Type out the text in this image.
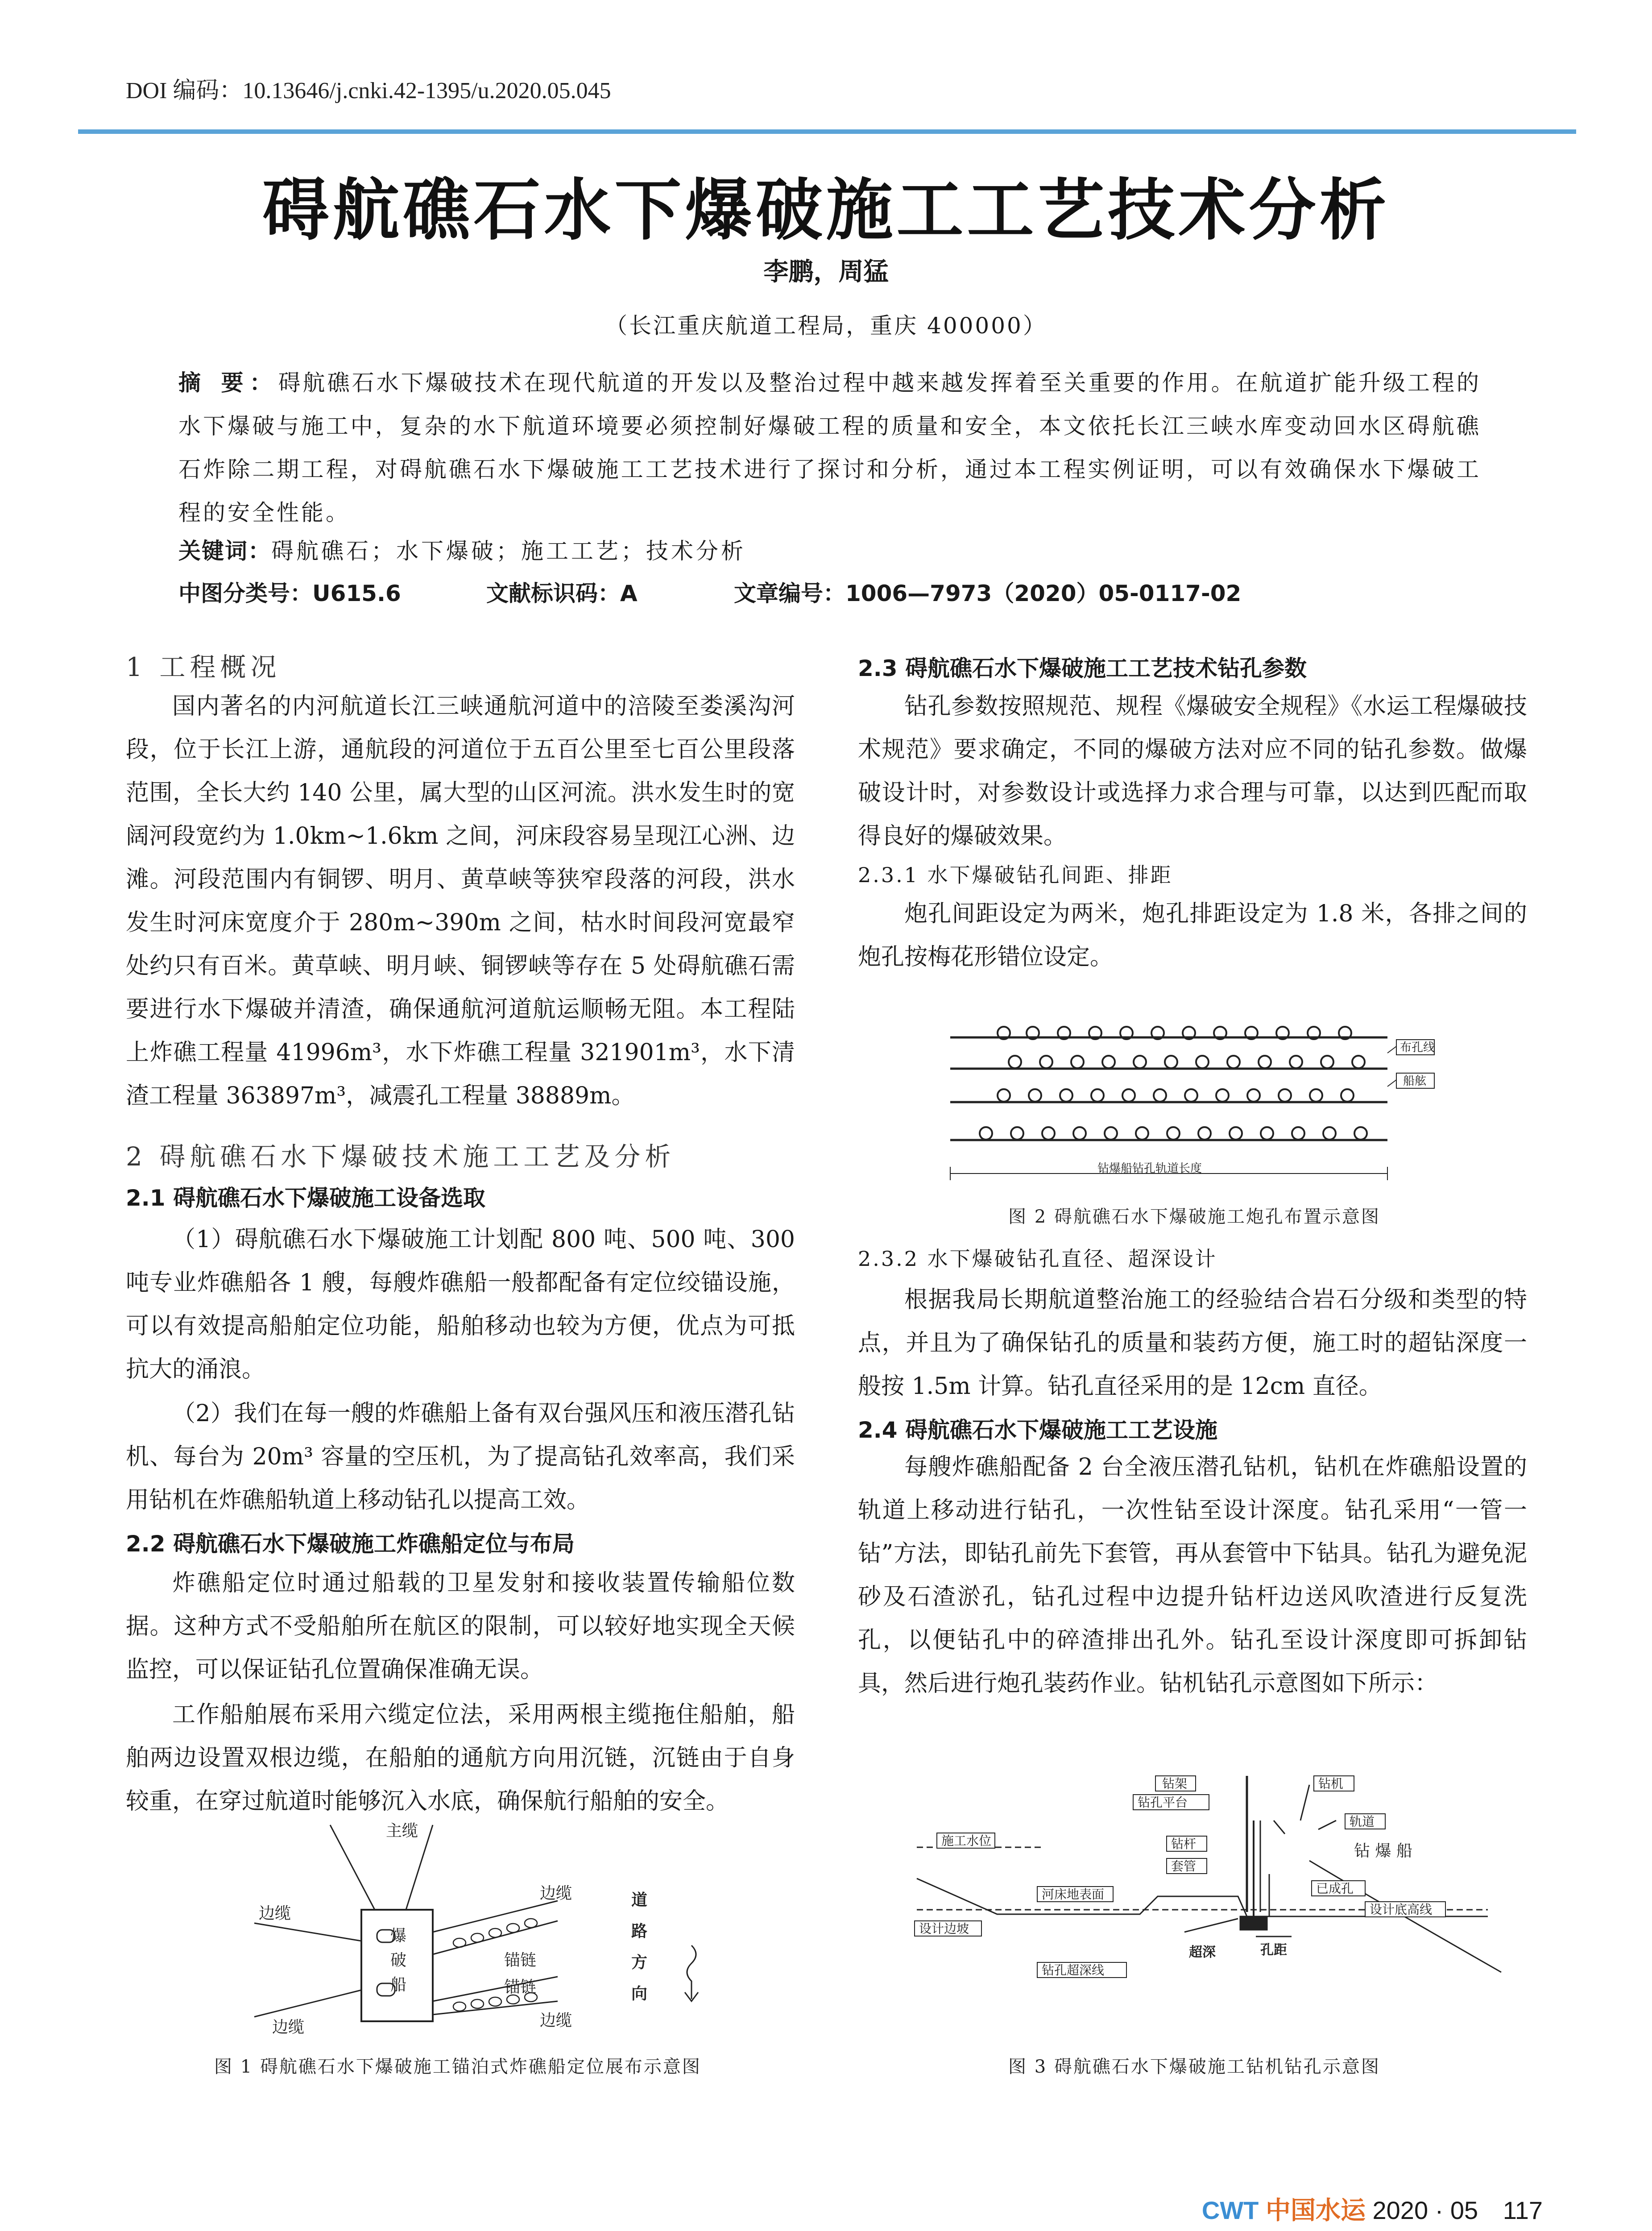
DOI 编码：10.13646/j.cnki.42-1395/u.2020.05.045
碍航礁石水下爆破施工工艺技术分析
李鹏，周猛
（长江重庆航道工程局，重庆 400000）
摘 要：碍航礁石水下爆破技术在现代航道的开发以及整治过程中越来越发挥着至关重要的作用。在航道扩能升级工程的水下爆破与施工中，复杂的水下航道环境要必须控制好爆破工程的质量和安全，本文依托长江三峡水库变动回水区碍航礁石炸除二期工程，对碍航礁石水下爆破施工工艺技术进行了探讨和分析，通过本工程实例证明，可以有效确保水下爆破工程的安全性能。
关键词：碍航礁石；水下爆破；施工工艺；技术分析
中图分类号：U615.6	文献标识码：A	文章编号：1006—7973（2020）05-0117-02
1 工程概况
国内著名的内河航道长江三峡通航河道中的涪陵至娄溪沟河段，位于长江上游，通航段的河道位于五百公里至七百公里段落范围，全长大约 140 公里，属大型的山区河流。洪水发生时的宽阔河段宽约为 1.0km~1.6km 之间，河床段容易呈现江心洲、边滩。河段范围内有铜锣、明月、黄草峡等狭窄段落的河段，洪水发生时河床宽度介于 280m~390m 之间，枯水时间段河宽最窄处约只有百米。黄草峡、明月峡、铜锣峡等存在 5 处碍航礁石需要进行水下爆破并清渣，确保通航河道航运顺畅无阻。本工程陆上炸礁工程量 41996m³，水下炸礁工程量 321901m³，水下清渣工程量 363897m³，减震孔工程量 38889m。
2 碍航礁石水下爆破技术施工工艺及分析
2.1 碍航礁石水下爆破施工设备选取
（1）碍航礁石水下爆破施工计划配 800 吨、500 吨、300 吨专业炸礁船各 1 艘，每艘炸礁船一般都配备有定位绞锚设施，可以有效提高船舶定位功能，船舶移动也较为方便，优点为可抵抗大的涌浪。
（2）我们在每一艘的炸礁船上备有双台强风压和液压潜孔钻机、每台为 20m³ 容量的空压机，为了提高钻孔效率高，我们采用钻机在炸礁船轨道上移动钻孔以提高工效。
2.2 碍航礁石水下爆破施工炸礁船定位与布局
炸礁船定位时通过船载的卫星发射和接收装置传输船位数据。这种方式不受船舶所在航区的限制，可以较好地实现全天候监控，可以保证钻孔位置确保准确无误。
工作船舶展布采用六缆定位法，采用两根主缆拖住船舶，船舶两边设置双根边缆，在船舶的通航方向用沉链，沉链由于自身较重，在穿过航道时能够沉入水底，确保航行船舶的安全。
主缆
边缆
边缆
边缆	边缆
锚链
锚链
爆
破
船
道
路
方
向
图 1 碍航礁石水下爆破施工锚泊式炸礁船定位展布示意图
2.3 碍航礁石水下爆破施工工艺技术钻孔参数
钻孔参数按照规范、规程《爆破安全规程》《水运工程爆破技术规范》要求确定，不同的爆破方法对应不同的钻孔参数。做爆破设计时，对参数设计或选择力求合理与可靠，以达到匹配而取得良好的爆破效果。
2.3.1 水下爆破钻孔间距、排距
炮孔间距设定为两米，炮孔排距设定为 1.8 米，各排之间的炮孔按梅花形错位设定。
布孔线
船舷
钻爆船钻孔轨道长度
图 2 碍航礁石水下爆破施工炮孔布置示意图
2.3.2 水下爆破钻孔直径、超深设计
根据我局长期航道整治施工的经验结合岩石分级和类型的特点，并且为了确保钻孔的质量和装药方便，施工时的超钻深度一般按 1.5m 计算。钻孔直径采用的是 12cm 直径。
2.4 碍航礁石水下爆破施工工艺设施
每艘炸礁船配备 2 台全液压潜孔钻机，钻机在炸礁船设置的轨道上移动进行钻孔，一次性钻至设计深度。钻孔采用“一管一钻”方法，即钻孔前先下套管，再从套管中下钻具。钻孔为避免泥砂及石渣淤孔，钻孔过程中边提升钻杆边送风吹渣进行反复洗孔，以便钻孔中的碎渣排出孔外。钻孔至设计深度即可拆卸钻具，然后进行炮孔装药作业。钻机钻孔示意图如下所示：
施工水位
河床地表面
设计边坡
钻孔超深线
钻架
钻孔平台
钻杆
套管
钻机
轨道
已成孔
设计底高线
钻 爆 船
超深	孔距
图 3 碍航礁石水下爆破施工钻机钻孔示意图
CWT 中国水运 2020 · 05 117
